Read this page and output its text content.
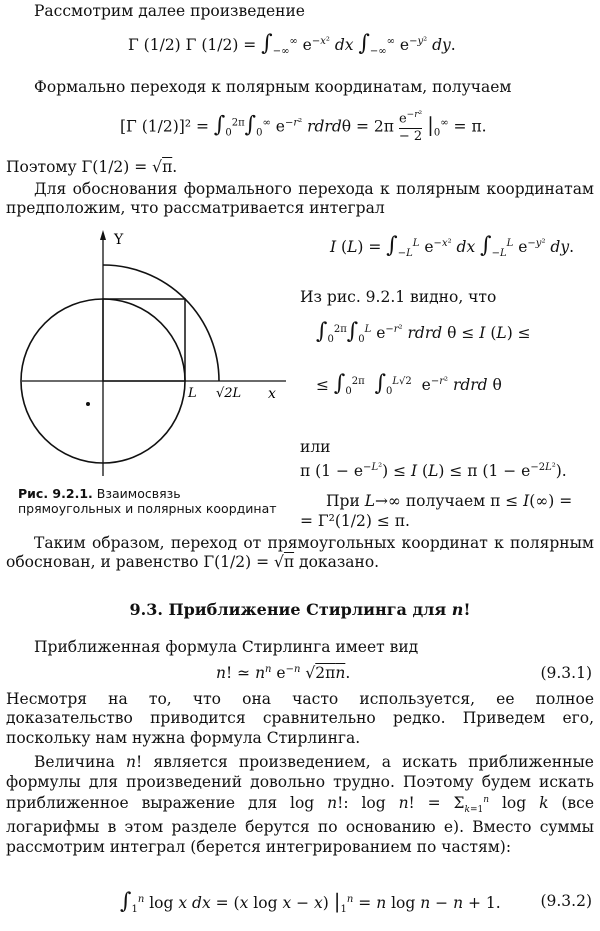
Рассмотрим далее произведение
Γ (1/2) Γ $(1/2) = \int_{-\infty}^\infty$ $e^{-x^2}$ dx $\int_{-\infty}^\infty$ $e^{-y^2}$ dy.
Формально переходя к полярным координатам, получаем
[Γ $(1/2)]^2 = \int_0^{2\pi}\int_0^\infty$ $e^{-r^2}$ rdrdθ = $2\pi \frac{e^{-r^2}}{- 2} |_0^\infty = \pi$.
Поэтому Γ(1/2) = √π.
Для обоснования формального перехода к полярным координатам предположим, что рассматривается интеграл
Y
x
L √2L
Рис. 9.2.1. Взаимосвязь прямоугольных и полярных координат
I $(L) = \int_{-L}^L$ $e^{-x^2}$ dx $\int_{-L}^L$ $e^{-y^2}$ dy.
Из рис. 9.2.1 видно, что
$\int_0^{2\pi}\int_0^L$ $e^{-r^2}$ rdrd θ ≤ I (L) ≤
≤ $\int_0^{2\pi}$ $\int_0^{L√2}$  $e^{-r^2}$ rdrd θ
или
π $(1 - e^{-L^2}) \le I$ (L) ≤ π $(1 - e^{-2L^2})$.
При L→∞ получаем π ≤ I(∞) =
= Γ²(1/2) ≤ π.
Таким образом, переход от прямоугольных координат к полярным обоснован, и равенство Γ(1/2) = √π доказано.
9.3. Приближение Стирлинга для n!
Приближенная формула Стирлинга имеет вид
n! ≃ $n^n$ $e^{-n}$ √2πn.	(9.3.1)
Несмотря на то, что она часто используется, ее полное доказательство приводится сравнительно редко. Приведем его, поскольку нам нужна формула Стирлинга.
Величина n! является произведением, а искать приближенные формулы для произведений довольно трудно. Поэтому будем искать приближенное выражение для log n!: log n! = $\Sigma_{k=1}^n$ log k (все логарифмы в этом разделе берутся по основанию e). Вместо суммы рассмотрим интеграл (берется интегрированием по частям):
$\int_1^n$ log x dx = (x log x − x) $|_1^n = n$ log n − n + 1.	(9.3.2)
